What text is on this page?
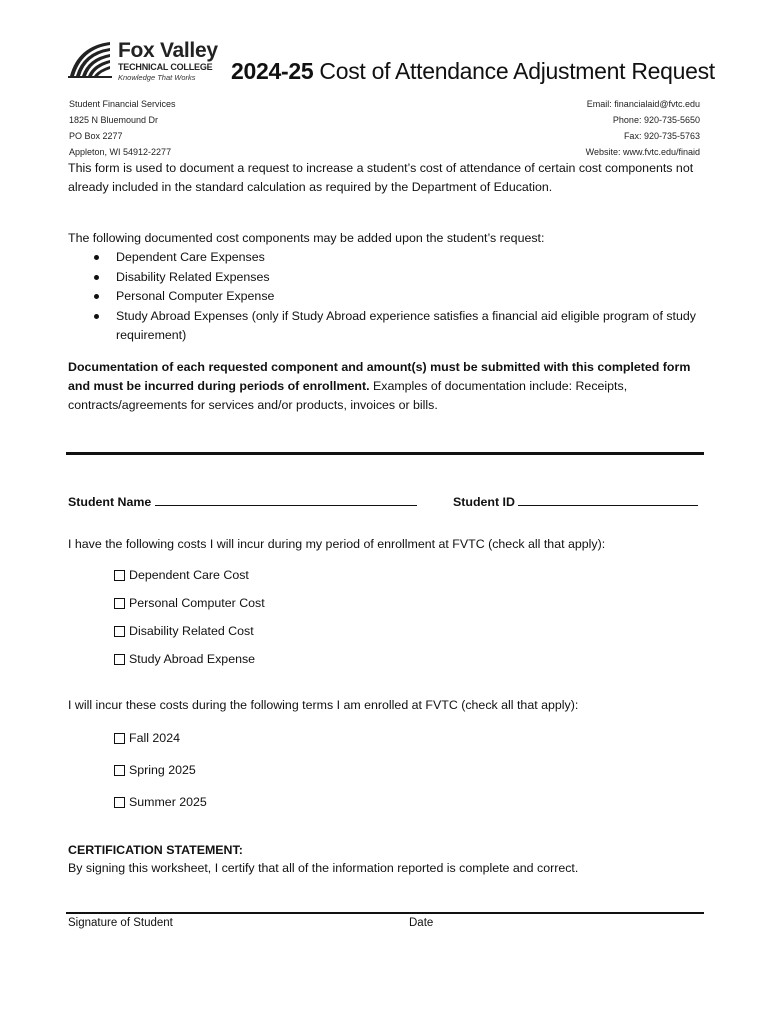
Fox Valley
TECHNICAL COLLEGE
Knowledge That Works 2024-25 Cost of Attendance Adjustment Request
Student Financial Services
1825 N Bluemound Dr
PO Box 2277
Appleton, WI 54912-2277
Email: financialaid@fvtc.edu
Phone: 920-735-5650
Fax: 920-735-5763
Website: www.fvtc.edu/finaid
This form is used to document a request to increase a student’s cost of attendance of certain cost components not already included in the standard calculation as required by the Department of Education.
The following documented cost components may be added upon the student’s request:
Dependent Care Expenses
Disability Related Expenses
Personal Computer Expense
Study Abroad Expenses (only if Study Abroad experience satisfies a financial aid eligible program of study requirement)
Documentation of each requested component and amount(s) must be submitted with this completed form and must be incurred during periods of enrollment. Examples of documentation include: Receipts, contracts/agreements for services and/or products, invoices or bills.
Student Name	Student ID
I have the following costs I will incur during my period of enrollment at FVTC (check all that apply):
Dependent Care Cost
Personal Computer Cost
Disability Related Cost
Study Abroad Expense
I will incur these costs during the following terms I am enrolled at FVTC (check all that apply):
Fall 2024
Spring 2025
Summer 2025
CERTIFICATION STATEMENT:
By signing this worksheet, I certify that all of the information reported is complete and correct.
Signature of Student	Date
